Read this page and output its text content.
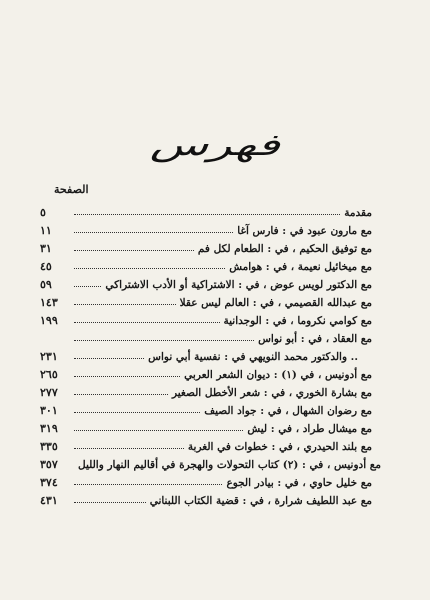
فهرس
الصفحة
٥	مقدمة
١١	مع مارون عبود في : فارس آغا
٣١	مع توفيق الحكيم ، في : الطعام لكل فم
٤٥	مع ميخائيل نعيمة ، في : هوامش
٥٩	مع الدكتور لويس عوض ، في : الاشتراكية أو الأدب الاشتراكي
١٤٣	مع عبدالله القصيمي ، في : العالم ليس عقلا
١٩٩	مع كوامي نكروما ، في : الوجدانية
مع العقاد ، في : أبو نواس
٢٣١	.. والدكتور محمد النويهي في : نفسية أبي نواس
٢٦٥	مع أدونيس ، في (١) : ديوان الشعر العربي
٢٧٧	مع بشارة الخوري ، في : شعر الأخطل الصغير
٣٠١	مع رضوان الشهال ، في : جواد الصيف
٣١٩	مع ميشال طراد ، في : ليش
٣٣٥	مع بلند الحيدري ، في : خطوات في الغربة
٣٥٧	مع أدونيس ، في : (٢) كتاب التحولات والهجرة في أقاليم النهار والليل
٣٧٤	مع خليل حاوي ، في : بيادر الجوع
٤٣١	مع عبد اللطيف شرارة ، في : قضية الكتاب اللبناني
